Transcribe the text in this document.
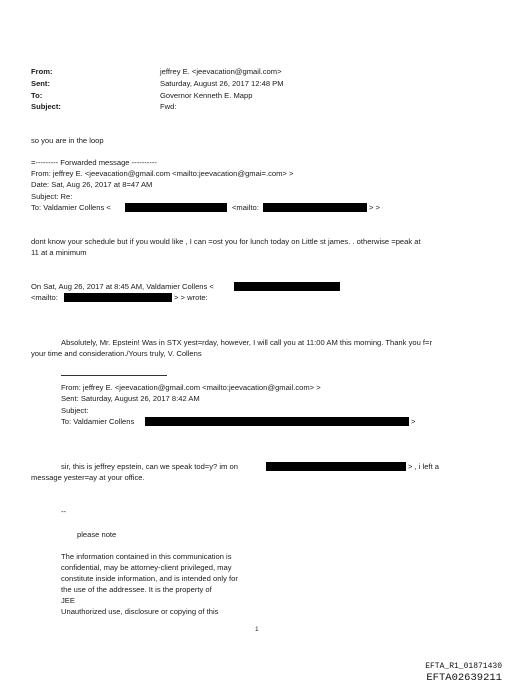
From:	jeffrey E. <jeevacation@gmail.com>
Sent:	Saturday, August 26, 2017 12:48 PM
To:	Governor Kenneth E. Mapp
Subject:	Fwd:
so you are in the loop
=--------- Forwarded message ----------
From: jeffrey E. <jeevacation@gmail.com <mailto:jeevacation@gmai=.com> >
Date: Sat, Aug 26, 2017 at 8=47 AM
Subject: Re:
To: Valdamier Collens <	<mailto:	> >
dont know your schedule but if you would like , I can =ost you for lunch today on Little st james. . otherwise =peak at
11 at a minimum
On Sat, Aug 26, 2017 at 8:45 AM, Valdamier Collens <
<mailto:	> > wrote:
Absolutely, Mr. Epstein! Was in STX yest=rday, however, I will call you at 11:00 AM this morning. Thank you f=r
your time and consideration./Yours truly, V. Collens
From: jeffrey E. <jeevacation@gmail.com <mailto:jeevacation@gmail.com> >
Sent: Saturday, August 26, 2017 8:42 AM
Subject:
To: Valdamier Collens	>
sir, this is jeffrey epstein, can we speak tod=y? im on	> , i left a
message yester=ay at your office.
--
please note
The information contained in this communication is
confidential, may be attorney-client privileged, may
constitute inside information, and is intended only for
the use of the addressee. It is the property of
JEE
Unauthorized use, disclosure or copying of this
1
EFTA_R1_01871430
EFTA02639211
